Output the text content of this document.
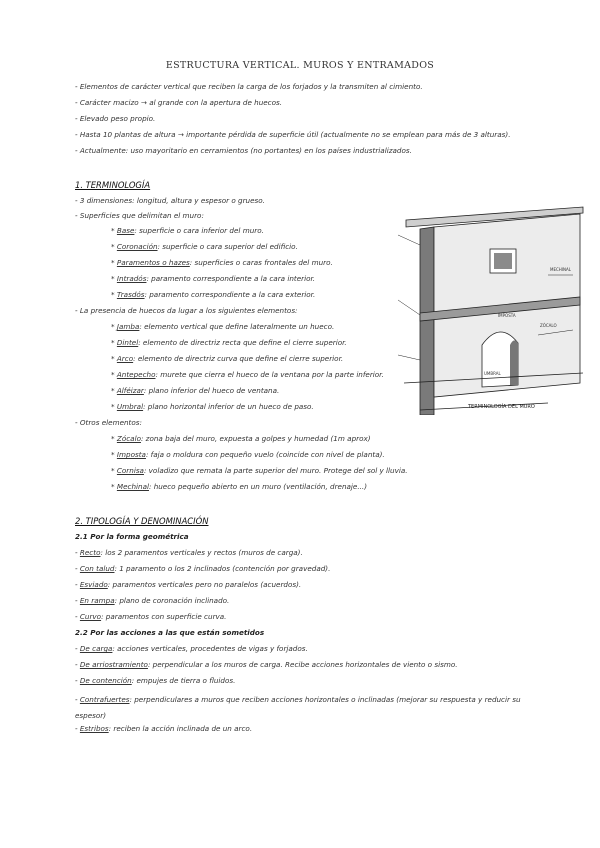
ESTRUCTURA VERTICAL. MUROS Y ENTRAMADOS
- Elementos de carácter vertical que reciben la carga de los forjados y la transmiten al cimiento.
- Carácter macizo → al grande con la apertura de huecos.
- Elevado peso propio.
- Hasta 10 plantas de altura → importante pérdida de superficie útil (actualmente no se emplean para más de 3 alturas).
- Actualmente: uso mayoritario en cerramientos (no portantes) en los países industrializados.
1. TERMINOLOGÍA
- 3 dimensiones: longitud, altura y espesor o grueso.
- Superficies que delimitan el muro:
* Base: superficie o cara inferior del muro.
* Coronación: superficie o cara superior del edificio.
* Paramentos o hazes: superficies o caras frontales del muro.
* Intradós: paramento correspondiente a la cara interior.
* Trasdós: paramento correspondiente a la cara exterior.
- La presencia de huecos da lugar a los siguientes elementos:
* Jamba: elemento vertical que define lateralmente un hueco.
* Dintel: elemento de directriz recta que define el cierre superior.
* Arco: elemento de directriz curva que define el cierre superior.
* Antepecho: murete que cierra el hueco de la ventana por la parte inferior.
* Alféizar: plano inferior del hueco de ventana.
* Umbral: plano horizontal inferior de un hueco de paso.
- Otros elementos:
* Zócalo: zona baja del muro, expuesta a golpes y humedad (1m aprox)
* Imposta: faja o moldura con pequeño vuelo (coincide con nivel de planta).
* Cornisa: voladizo que remata la parte superior del muro. Protege del sol y lluvia.
* Mechinal: hueco pequeño abierto en un muro (ventilación, drenaje...)
MECHINAL
IMPOSTA
ZÓCALO
UMBRAL
TERMINOLOGÍA DEL MURO
2. TIPOLOGÍA Y DENOMINACIÓN
2.1 Por la forma geométrica
- Recto: los 2 paramentos verticales y rectos (muros de carga).
- Con talud: 1 paramento o los 2 inclinados (contención por gravedad).
- Esviado: paramentos verticales pero no paralelos (acuerdos).
- En rampa: plano de coronación inclinado.
- Curvo: paramentos con superficie curva.
2.2 Por las acciones a las que están sometidos
- De carga: acciones verticales, procedentes de vigas y forjados.
- De arriostramiento: perpendicular a los muros de carga. Recibe acciones horizontales de viento o sismo.
- De contención: empujes de tierra o fluidos.
- Contrafuertes: perpendiculares a muros que reciben acciones horizontales o inclinadas (mejorar su respuesta y reducir su espesor)
- Estribos: reciben la acción inclinada de un arco.
